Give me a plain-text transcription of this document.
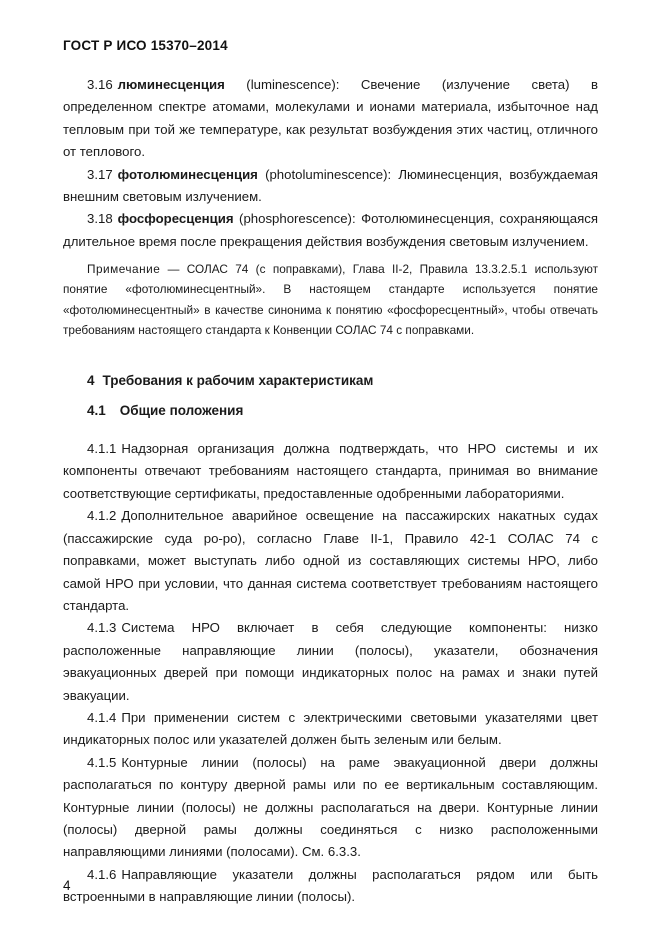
ГОСТ Р ИСО 15370–2014

3.16 люминесценция (luminescence): Свечение (излучение света) в определенном спектре атомами, молекулами и ионами материала, избыточное над тепловым при той же температуре, как результат возбуждения этих частиц, отличного от теплового.

3.17 фотолюминесценция (photoluminescence): Люминесценция, возбуждаемая внешним световым излучением.

3.18 фосфоресценция (phosphorescence): Фотолюминесценция, сохраняющаяся длительное время после прекращения действия возбуждения световым излучением.

Примечание — СОЛАС 74 (с поправками), Глава II-2, Правила 13.3.2.5.1 используют понятие «фотолюминесцентный». В настоящем стандарте используется понятие «фотолюминесцентный» в качестве синонима к понятию «фосфоресцентный», чтобы отвечать требованиям настоящего стандарта к Конвенции СОЛАС 74 с поправками.

4 Требования к рабочим характеристикам
4.1 Общие положения

4.1.1 Надзорная организация должна подтверждать, что НРО системы и их компоненты отвечают требованиям настоящего стандарта, принимая во внимание соответствующие сертификаты, предоставленные одобренными лабораториями.

4.1.2 Дополнительное аварийное освещение на пассажирских накатных судах (пассажирские суда ро-ро), согласно Главе II-1, Правило 42-1 СОЛАС 74 с поправками, может выступать либо одной из составляющих системы НРО, либо самой НРО при условии, что данная система соответствует требованиям настоящего стандарта.

4.1.3 Система НРО включает в себя следующие компоненты: низко расположенные направляющие линии (полосы), указатели, обозначения эвакуационных дверей при помощи индикаторных полос на рамах и знаки путей эвакуации.

4.1.4 При применении систем с электрическими световыми указателями цвет индикаторных полос или указателей должен быть зеленым или белым.

4.1.5 Контурные линии (полосы) на раме эвакуационной двери должны располагаться по контуру дверной рамы или по ее вертикальным составляющим. Контурные линии (полосы) не должны располагаться на двери. Контурные линии (полосы) дверной рамы должны соединяться с низко расположенными направляющими линиями (полосами). См. 6.3.3.

4.1.6 Направляющие указатели должны располагаться рядом или быть встроенными в направляющие линии (полосы).

4
